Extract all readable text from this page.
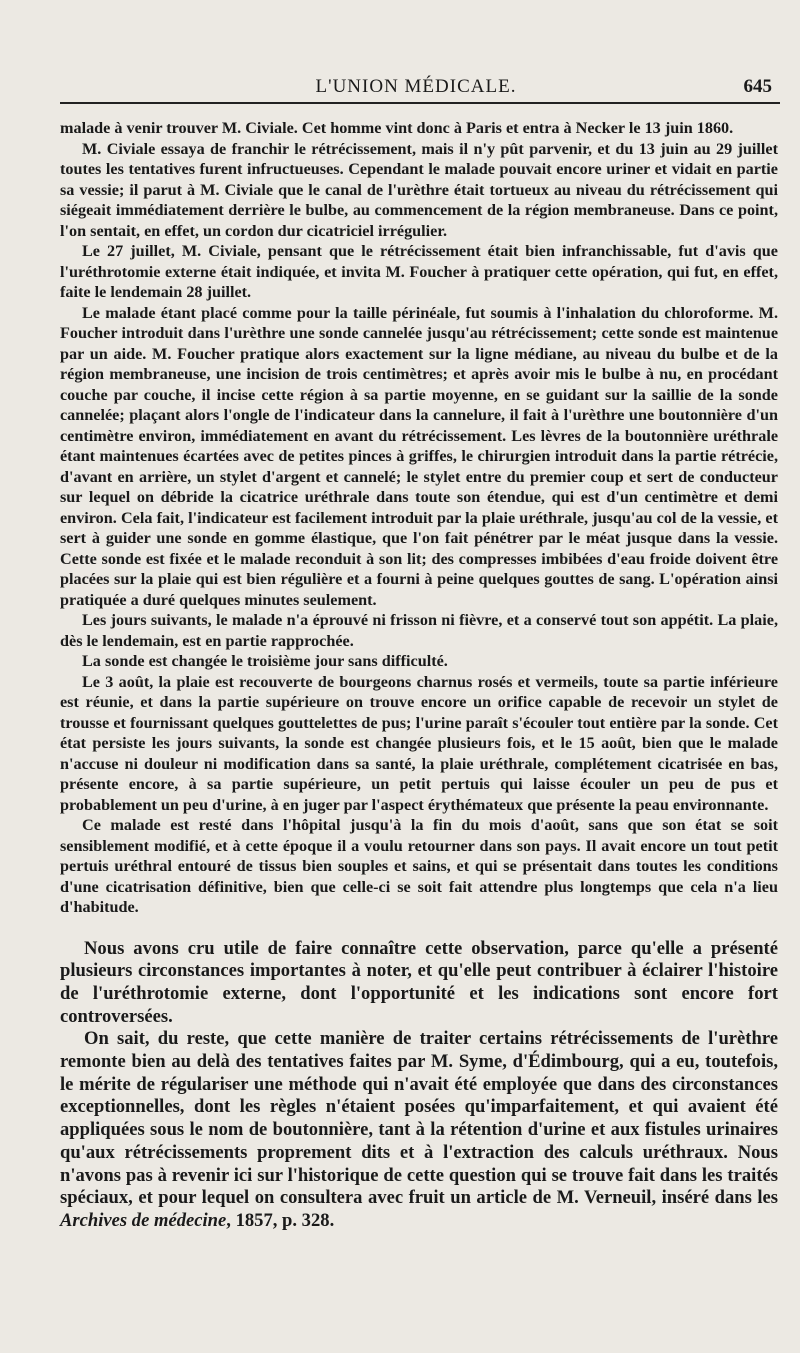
L'UNION MÉDICALE.	645

malade à venir trouver M. Civiale. Cet homme vint donc à Paris et entra à Necker le 13 juin 1860.

M. Civiale essaya de franchir le rétrécissement, mais il n'y pût parvenir, et du 13 juin au 29 juillet toutes les tentatives furent infructueuses. Cependant le malade pouvait encore uriner et vidait en partie sa vessie; il parut à M. Civiale que le canal de l'urèthre était tortueux au niveau du rétrécissement qui siégeait immédiatement derrière le bulbe, au commencement de la région membraneuse. Dans ce point, l'on sentait, en effet, un cordon dur cicatriciel irrégulier.

Le 27 juillet, M. Civiale, pensant que le rétrécissement était bien infranchissable, fut d'avis que l'uréthrotomie externe était indiquée, et invita M. Foucher à pratiquer cette opération, qui fut, en effet, faite le lendemain 28 juillet.

Le malade étant placé comme pour la taille périnéale, fut soumis à l'inhalation du chloroforme. M. Foucher introduit dans l'urèthre une sonde cannelée jusqu'au rétrécissement; cette sonde est maintenue par un aide. M. Foucher pratique alors exactement sur la ligne médiane, au niveau du bulbe et de la région membraneuse, une incision de trois centimètres; et après avoir mis le bulbe à nu, en procédant couche par couche, il incise cette région à sa partie moyenne, en se guidant sur la saillie de la sonde cannelée; plaçant alors l'ongle de l'indicateur dans la cannelure, il fait à l'urèthre une boutonnière d'un centimètre environ, immédiatement en avant du rétrécissement. Les lèvres de la boutonnière uréthrale étant maintenues écartées avec de petites pinces à griffes, le chirurgien introduit dans la partie rétrécie, d'avant en arrière, un stylet d'argent et cannelé; le stylet entre du premier coup et sert de conducteur sur lequel on débride la cicatrice uréthrale dans toute son étendue, qui est d'un centimètre et demi environ. Cela fait, l'indicateur est facilement introduit par la plaie uréthrale, jusqu'au col de la vessie, et sert à guider une sonde en gomme élastique, que l'on fait pénétrer par le méat jusque dans la vessie. Cette sonde est fixée et le malade reconduit à son lit; des compresses imbibées d'eau froide doivent être placées sur la plaie qui est bien régulière et a fourni à peine quelques gouttes de sang. L'opération ainsi pratiquée a duré quelques minutes seulement.

Les jours suivants, le malade n'a éprouvé ni frisson ni fièvre, et a conservé tout son appétit. La plaie, dès le lendemain, est en partie rapprochée.

La sonde est changée le troisième jour sans difficulté.

Le 3 août, la plaie est recouverte de bourgeons charnus rosés et vermeils, toute sa partie inférieure est réunie, et dans la partie supérieure on trouve encore un orifice capable de recevoir un stylet de trousse et fournissant quelques gouttelettes de pus; l'urine paraît s'écouler tout entière par la sonde. Cet état persiste les jours suivants, la sonde est changée plusieurs fois, et le 15 août, bien que le malade n'accuse ni douleur ni modification dans sa santé, la plaie uréthrale, complétement cicatrisée en bas, présente encore, à sa partie supérieure, un petit pertuis qui laisse écouler un peu de pus et probablement un peu d'urine, à en juger par l'aspect érythémateux que présente la peau environnante.

Ce malade est resté dans l'hôpital jusqu'à la fin du mois d'août, sans que son état se soit sensiblement modifié, et à cette époque il a voulu retourner dans son pays. Il avait encore un tout petit pertuis uréthral entouré de tissus bien souples et sains, et qui se présentait dans toutes les conditions d'une cicatrisation définitive, bien que celle-ci se soit fait attendre plus longtemps que cela n'a lieu d'habitude.

Nous avons cru utile de faire connaître cette observation, parce qu'elle a présenté plusieurs circonstances importantes à noter, et qu'elle peut contribuer à éclairer l'histoire de l'uréthrotomie externe, dont l'opportunité et les indications sont encore fort controversées.

On sait, du reste, que cette manière de traiter certains rétrécissements de l'urèthre remonte bien au delà des tentatives faites par M. Syme, d'Édimbourg, qui a eu, toutefois, le mérite de régulariser une méthode qui n'avait été employée que dans des circonstances exceptionnelles, dont les règles n'étaient posées qu'imparfaitement, et qui avaient été appliquées sous le nom de boutonnière, tant à la rétention d'urine et aux fistules urinaires qu'aux rétrécissements proprement dits et à l'extraction des calculs uréthraux. Nous n'avons pas à revenir ici sur l'historique de cette question qui se trouve fait dans les traités spéciaux, et pour lequel on consultera avec fruit un article de M. Verneuil, inséré dans les Archives de médecine, 1857, p. 328.
